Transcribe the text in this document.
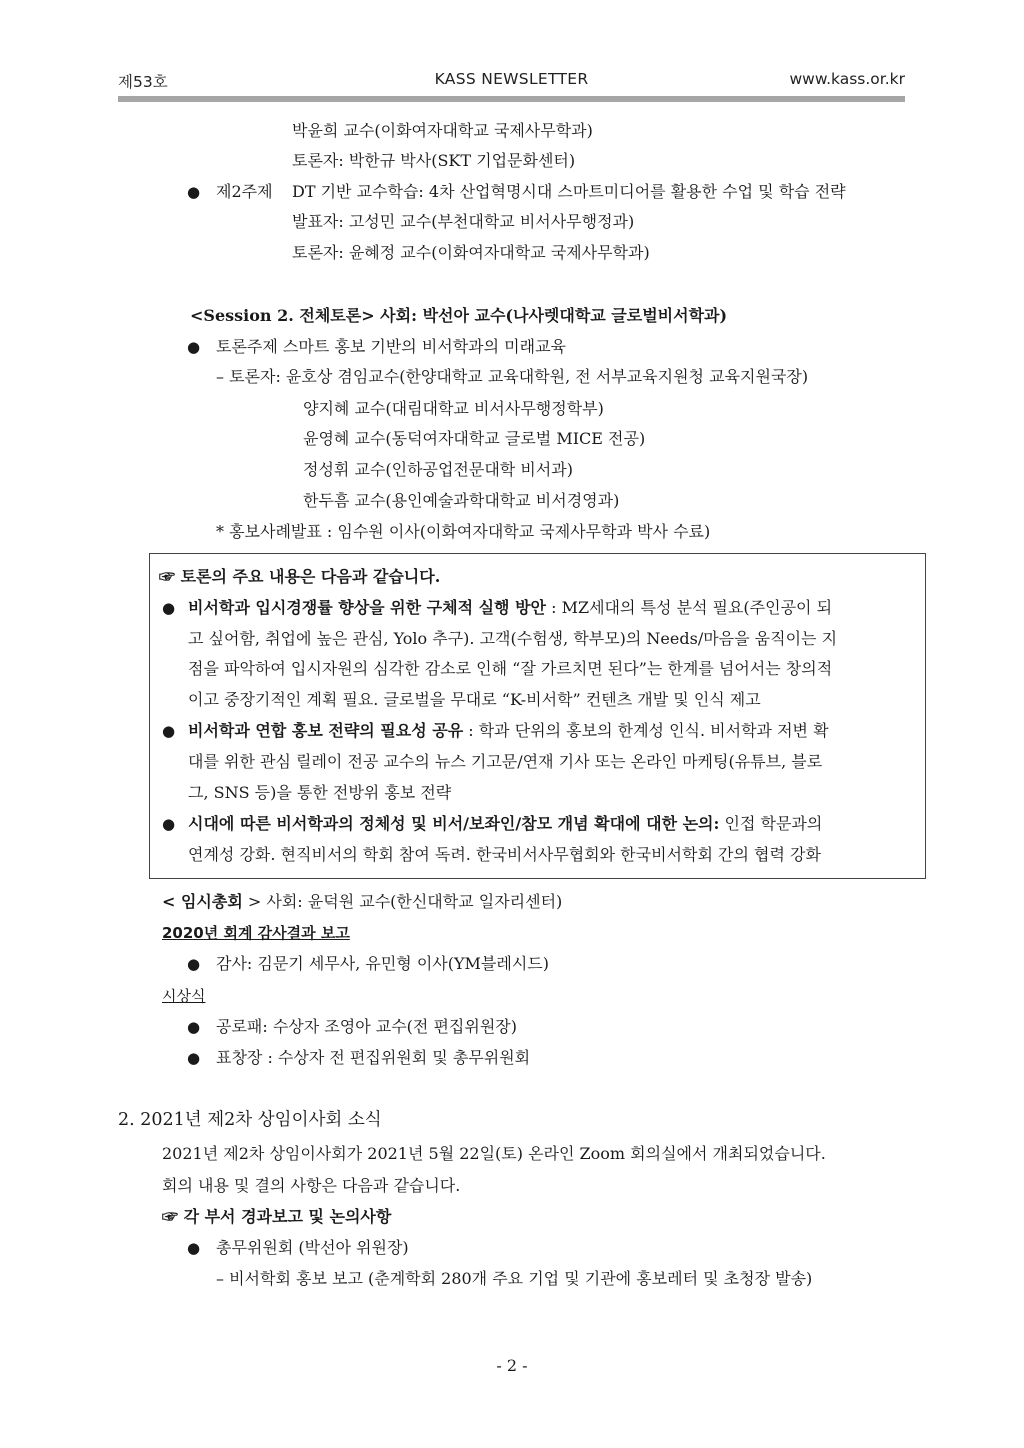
제53호	KASS NEWSLETTER	www.kass.or.kr
박윤희 교수(이화여자대학교 국제사무학과)
토론자: 박한규 박사(SKT 기업문화센터)
● 제2주제 DT 기반 교수학습: 4차 산업혁명시대 스마트미디어를 활용한 수업 및 학습 전략
발표자: 고성민 교수(부천대학교 비서사무행정과)
토론자: 윤혜정 교수(이화여자대학교 국제사무학과)
<Session 2. 전체토론> 사회: 박선아 교수(나사렛대학교 글로벌비서학과)
● 토론주제 스마트 홍보 기반의 비서학과의 미래교육
– 토론자: 윤호상 겸임교수(한양대학교 교육대학원, 전 서부교육지원청 교육지원국장)
양지혜 교수(대림대학교 비서사무행정학부)
윤영혜 교수(동덕여자대학교 글로벌 MICE 전공)
정성휘 교수(인하공업전문대학 비서과)
한두흠 교수(용인예술과학대학교 비서경영과)
* 홍보사례발표 : 임수원 이사(이화여자대학교 국제사무학과 박사 수료)
☞ 토론의 주요 내용은 다음과 같습니다.
● 비서학과 입시경쟁률 향상을 위한 구체적 실행 방안 : MZ세대의 특성 분석 필요(주인공이 되
고 싶어함, 취업에 높은 관심, Yolo 추구). 고객(수험생, 학부모)의 Needs/마음을 움직이는 지
점을 파악하여 입시자원의 심각한 감소로 인해 “잘 가르치면 된다”는 한계를 넘어서는 창의적
이고 중장기적인 계획 필요. 글로벌을 무대로 “K-비서학” 컨텐츠 개발 및 인식 제고
● 비서학과 연합 홍보 전략의 필요성 공유 : 학과 단위의 홍보의 한계성 인식. 비서학과 저변 확
대를 위한 관심 릴레이 전공 교수의 뉴스 기고문/연재 기사 또는 온라인 마케팅(유튜브, 블로
그, SNS 등)을 통한 전방위 홍보 전략
● 시대에 따른 비서학과의 정체성 및 비서/보좌인/참모 개념 확대에 대한 논의: 인접 학문과의
연계성 강화. 현직비서의 학회 참여 독려. 한국비서사무협회와 한국비서학회 간의 협력 강화
< 임시총회 > 사회: 윤덕원 교수(한신대학교 일자리센터)
2020년 회계 감사결과 보고
● 감사: 김문기 세무사, 유민형 이사(YM블레시드)
시상식
● 공로패: 수상자 조영아 교수(전 편집위원장)
● 표창장 : 수상자 전 편집위원회 및 총무위원회
2. 2021년 제2차 상임이사회 소식
2021년 제2차 상임이사회가 2021년 5월 22일(토) 온라인 Zoom 회의실에서 개최되었습니다.
회의 내용 및 결의 사항은 다음과 같습니다.
☞ 각 부서 경과보고 및 논의사항
● 총무위원회 (박선아 위원장)
– 비서학회 홍보 보고 (춘계학회 280개 주요 기업 및 기관에 홍보레터 및 초청장 발송)
- 2 -
